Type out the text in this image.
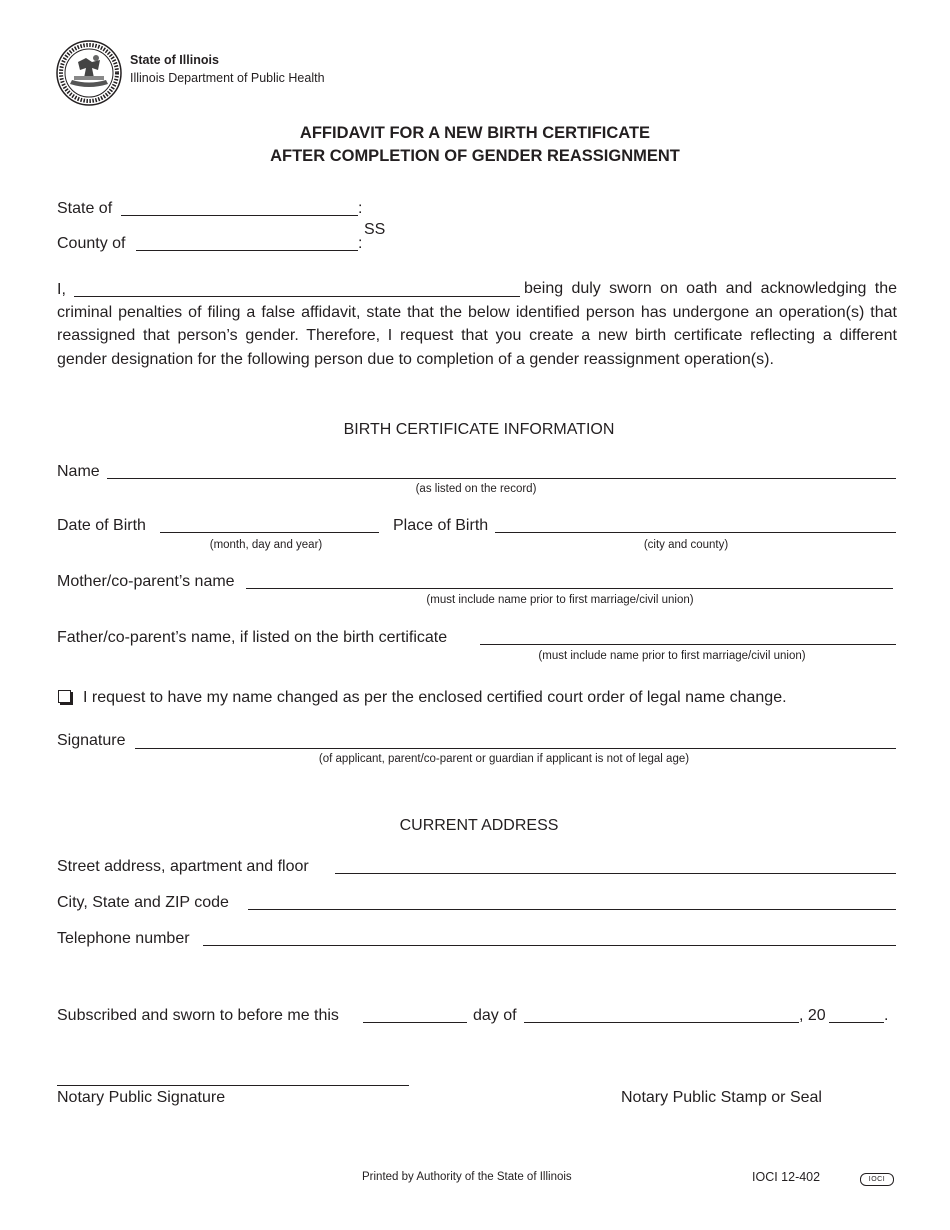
State of Illinois
Illinois Department of Public Health
AFFIDAVIT FOR A NEW BIRTH CERTIFICATE
AFTER COMPLETION OF GENDER REASSIGNMENT
State of	:
SS
County of	:
I,	being duly sworn on oath and acknowledging the criminal penalties of filing a false affidavit, state that the below identified person has undergone an operation(s) that reassigned that person’s gender. Therefore, I request that you create a new birth certificate reflecting a different gender designation for the following person due to completion of a gender reassignment operation(s).
BIRTH CERTIFICATE INFORMATION
Name
(as listed on the record)
Date of Birth
(month, day and year)
Place of Birth
(city and county)
Mother/co-parent’s name
(must include name prior to first marriage/civil union)
Father/co-parent’s name, if listed on the birth certificate
(must include name prior to first marriage/civil union)
I request to have my name changed as per the enclosed certified court order of legal name change.
Signature
(of applicant, parent/co-parent or guardian if applicant is not of legal age)
CURRENT ADDRESS
Street address, apartment and floor
City, State and ZIP code
Telephone number
Subscribed and sworn to before me this	day of	, 20	.
Notary Public Signature	Notary Public Stamp or Seal
Printed by Authority of the State of Illinois	IOCI 12-402	IOCI
